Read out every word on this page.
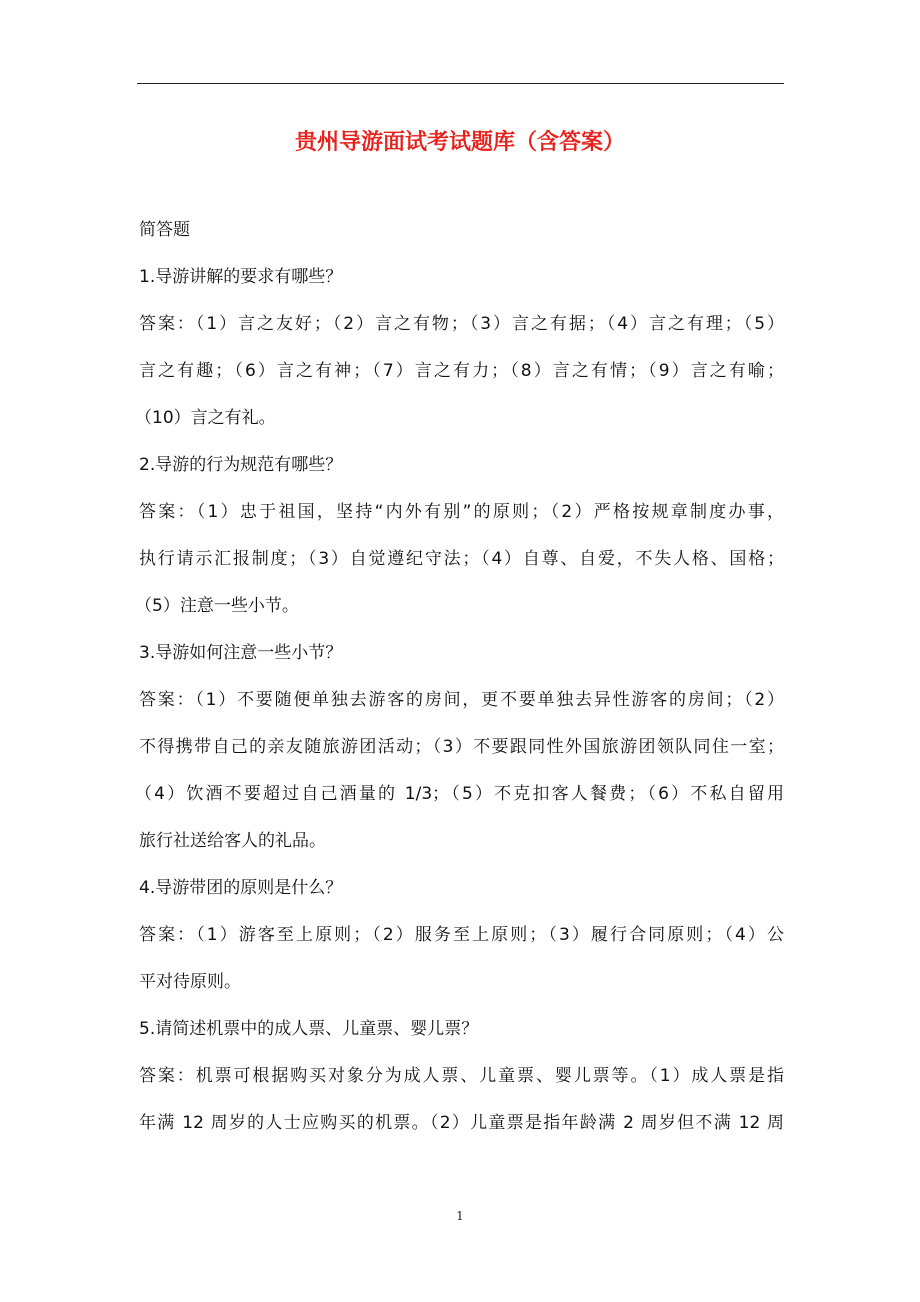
贵州导游面试考试题库（含答案）
简答题
1.导游讲解的要求有哪些？
答案：（1）言之友好；（2）言之有物；（3）言之有据；（4）言之有理；（5）
言之有趣；（6）言之有神；（7）言之有力；（8）言之有情；（9）言之有喻；
（10）言之有礼。
2.导游的行为规范有哪些？
答案：（1）忠于祖国，坚持“内外有别”的原则；（2）严格按规章制度办事，
执行请示汇报制度；（3）自觉遵纪守法；（4）自尊、自爱，不失人格、国格；
（5）注意一些小节。
3.导游如何注意一些小节？
答案：（1）不要随便单独去游客的房间，更不要单独去异性游客的房间；（2）
不得携带自己的亲友随旅游团活动；（3）不要跟同性外国旅游团领队同住一室；
（4）饮酒不要超过自己酒量的 1/3；（5）不克扣客人餐费；（6）不私自留用
旅行社送给客人的礼品。
4.导游带团的原则是什么？
答案：（1）游客至上原则；（2）服务至上原则；（3）履行合同原则；（4）公
平对待原则。
5.请简述机票中的成人票、儿童票、婴儿票？
答案：机票可根据购买对象分为成人票、儿童票、婴儿票等。（1）成人票是指
年满 12 周岁的人士应购买的机票。（2）儿童票是指年龄满 2 周岁但不满 12 周
1
